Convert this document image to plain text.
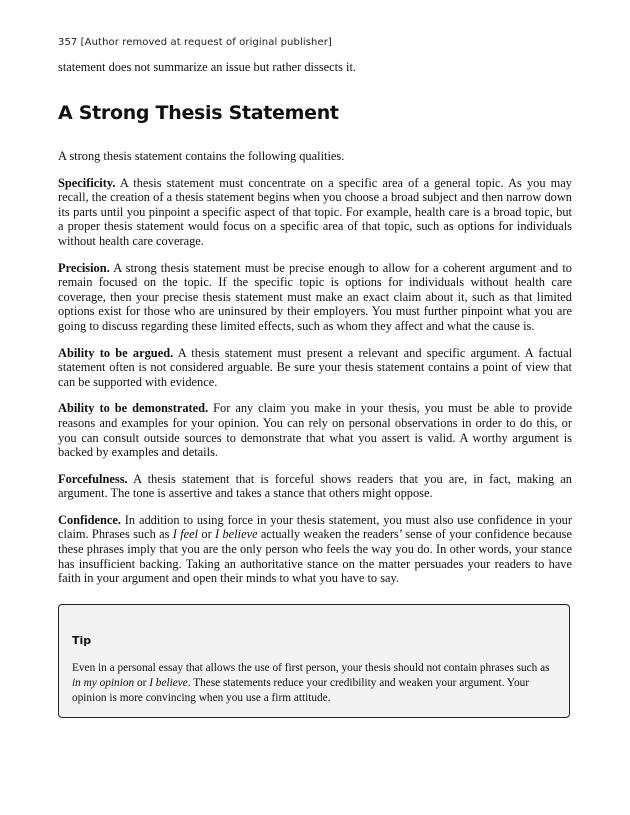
357 [Author removed at request of original publisher]

statement does not summarize an issue but rather dissects it.

A Strong Thesis Statement

A strong thesis statement contains the following qualities.

Specificity. A thesis statement must concentrate on a specific area of a general topic. As you may recall, the creation of a thesis statement begins when you choose a broad subject and then narrow down its parts until you pinpoint a specific aspect of that topic. For example, health care is a broad topic, but a proper thesis statement would focus on a specific area of that topic, such as options for individuals without health care coverage.

Precision. A strong thesis statement must be precise enough to allow for a coherent argument and to remain focused on the topic. If the specific topic is options for individuals without health care coverage, then your precise thesis statement must make an exact claim about it, such as that limited options exist for those who are uninsured by their employers. You must further pinpoint what you are going to discuss regarding these limited effects, such as whom they affect and what the cause is.

Ability to be argued. A thesis statement must present a relevant and specific argument. A factual statement often is not considered arguable. Be sure your thesis statement contains a point of view that can be supported with evidence.

Ability to be demonstrated. For any claim you make in your thesis, you must be able to provide reasons and examples for your opinion. You can rely on personal observations in order to do this, or you can consult outside sources to demonstrate that what you assert is valid. A worthy argument is backed by examples and details.

Forcefulness. A thesis statement that is forceful shows readers that you are, in fact, making an argument. The tone is assertive and takes a stance that others might oppose.

Confidence. In addition to using force in your thesis statement, you must also use confidence in your claim. Phrases such as I feel or I believe actually weaken the readers’ sense of your confidence because these phrases imply that you are the only person who feels the way you do. In other words, your stance has insufficient backing. Taking an authoritative stance on the matter persuades your readers to have faith in your argument and open their minds to what you have to say.

Tip

Even in a personal essay that allows the use of first person, your thesis should not contain phrases such as in my opinion or I believe. These statements reduce your credibility and weaken your argument. Your opinion is more convincing when you use a firm attitude.
